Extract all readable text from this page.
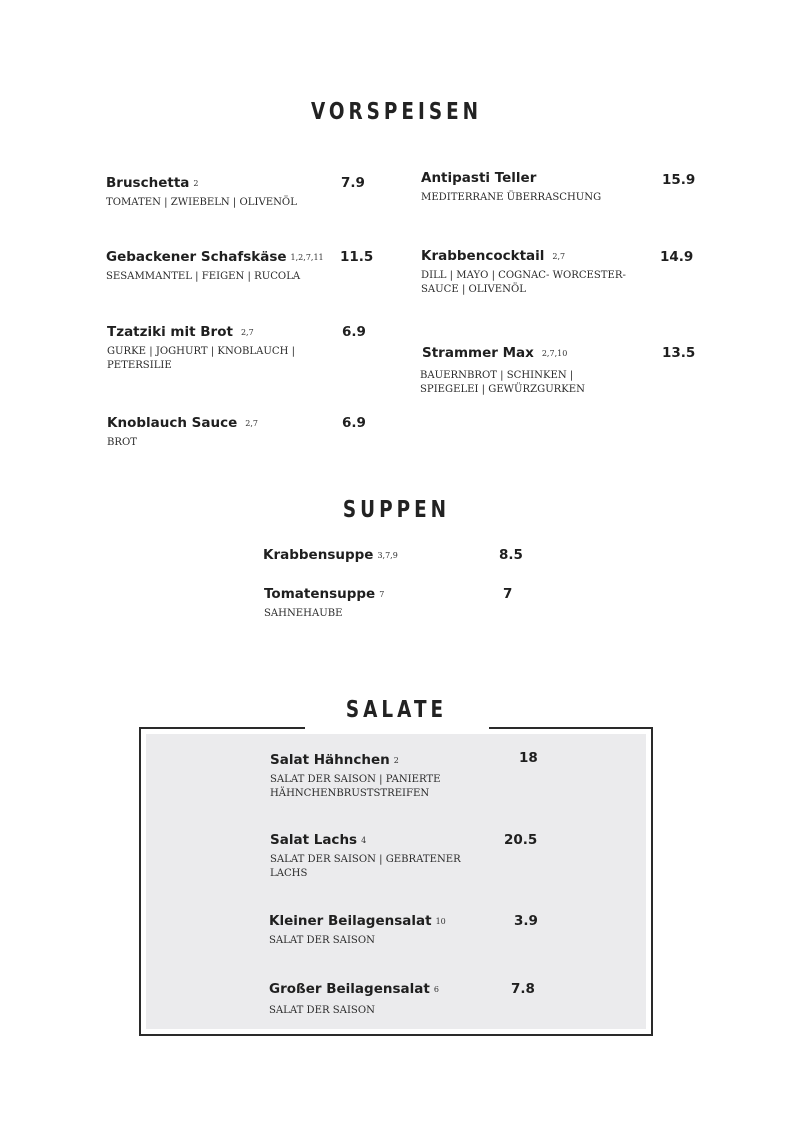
VORSPEISEN
Bruschetta 2
TOMATEN | ZWIEBELN | OLIVENÖL
7.9
Gebackener Schafskäse 1,2,7,11
SESAMMANTEL | FEIGEN | RUCOLA
11.5
Tzatziki mit Brot 2,7
GURKE | JOGHURT | KNOBLAUCH |
PETERSILIE
6.9
Knoblauch Sauce 2,7
BROT
6.9
Antipasti Teller
MEDITERRANE ÜBERRASCHUNG
15.9
Krabbencocktail 2,7
DILL | MAYO | COGNAC- WORCESTER-
SAUCE | OLIVENÖL
14.9
Strammer Max 2,7,10
BAUERNBROT | SCHINKEN |
SPIEGELEI | GEWÜRZGURKEN
13.5
SUPPEN
Krabbensuppe 3,7,9	8.5
Tomatensuppe 7
SAHNEHAUBE
7
SALATE
Salat Hähnchen 2
SALAT DER SAISON | PANIERTE
HÄHNCHENBRUSTSTREIFEN
18
Salat Lachs 4
SALAT DER SAISON | GEBRATENER
LACHS
20.5
Kleiner Beilagensalat 10
SALAT DER SAISON
3.9
Großer Beilagensalat 6
SALAT DER SAISON
7.8
